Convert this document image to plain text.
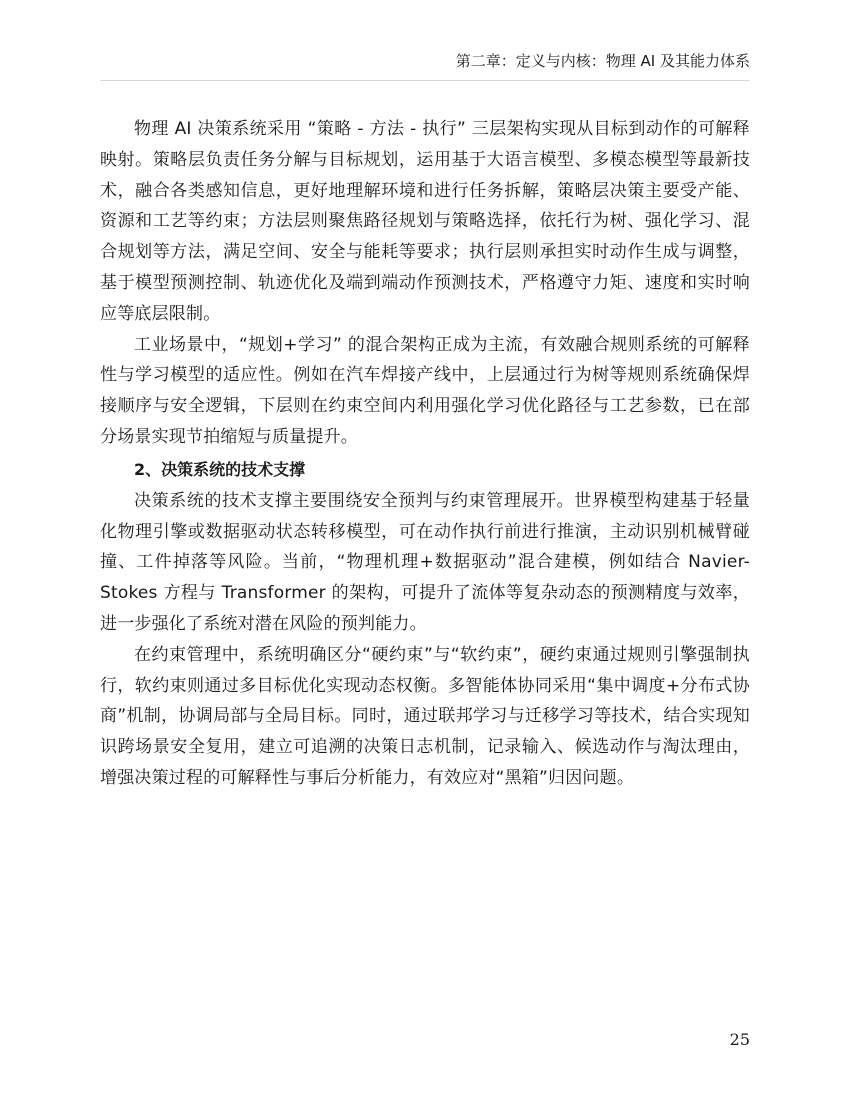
第二章：定义与内核：物理 AI 及其能力体系

物理 AI 决策系统采用 “策略 - 方法 - 执行” 三层架构实现从目标到动作的可解释映射。策略层负责任务分解与目标规划，运用基于大语言模型、多模态模型等最新技术，融合各类感知信息，更好地理解环境和进行任务拆解，策略层决策主要受产能、资源和工艺等约束；方法层则聚焦路径规划与策略选择，依托行为树、强化学习、混合规划等方法，满足空间、安全与能耗等要求；执行层则承担实时动作生成与调整，基于模型预测控制、轨迹优化及端到端动作预测技术，严格遵守力矩、速度和实时响应等底层限制。

工业场景中，“规划+学习” 的混合架构正成为主流，有效融合规则系统的可解释性与学习模型的适应性。例如在汽车焊接产线中，上层通过行为树等规则系统确保焊接顺序与安全逻辑，下层则在约束空间内利用强化学习优化路径与工艺参数，已在部分场景实现节拍缩短与质量提升。

2、决策系统的技术支撑

决策系统的技术支撑主要围绕安全预判与约束管理展开。世界模型构建基于轻量化物理引擎或数据驱动状态转移模型，可在动作执行前进行推演，主动识别机械臂碰撞、工件掉落等风险。当前，“物理机理+数据驱动”混合建模，例如结合 Navier-Stokes 方程与 Transformer 的架构，可提升了流体等复杂动态的预测精度与效率，进一步强化了系统对潜在风险的预判能力。

在约束管理中，系统明确区分“硬约束”与“软约束”，硬约束通过规则引擎强制执行，软约束则通过多目标优化实现动态权衡。多智能体协同采用“集中调度+分布式协商”机制，协调局部与全局目标。同时，通过联邦学习与迁移学习等技术，结合实现知识跨场景安全复用，建立可追溯的决策日志机制，记录输入、候选动作与淘汰理由，增强决策过程的可解释性与事后分析能力，有效应对“黑箱”归因问题。

25
